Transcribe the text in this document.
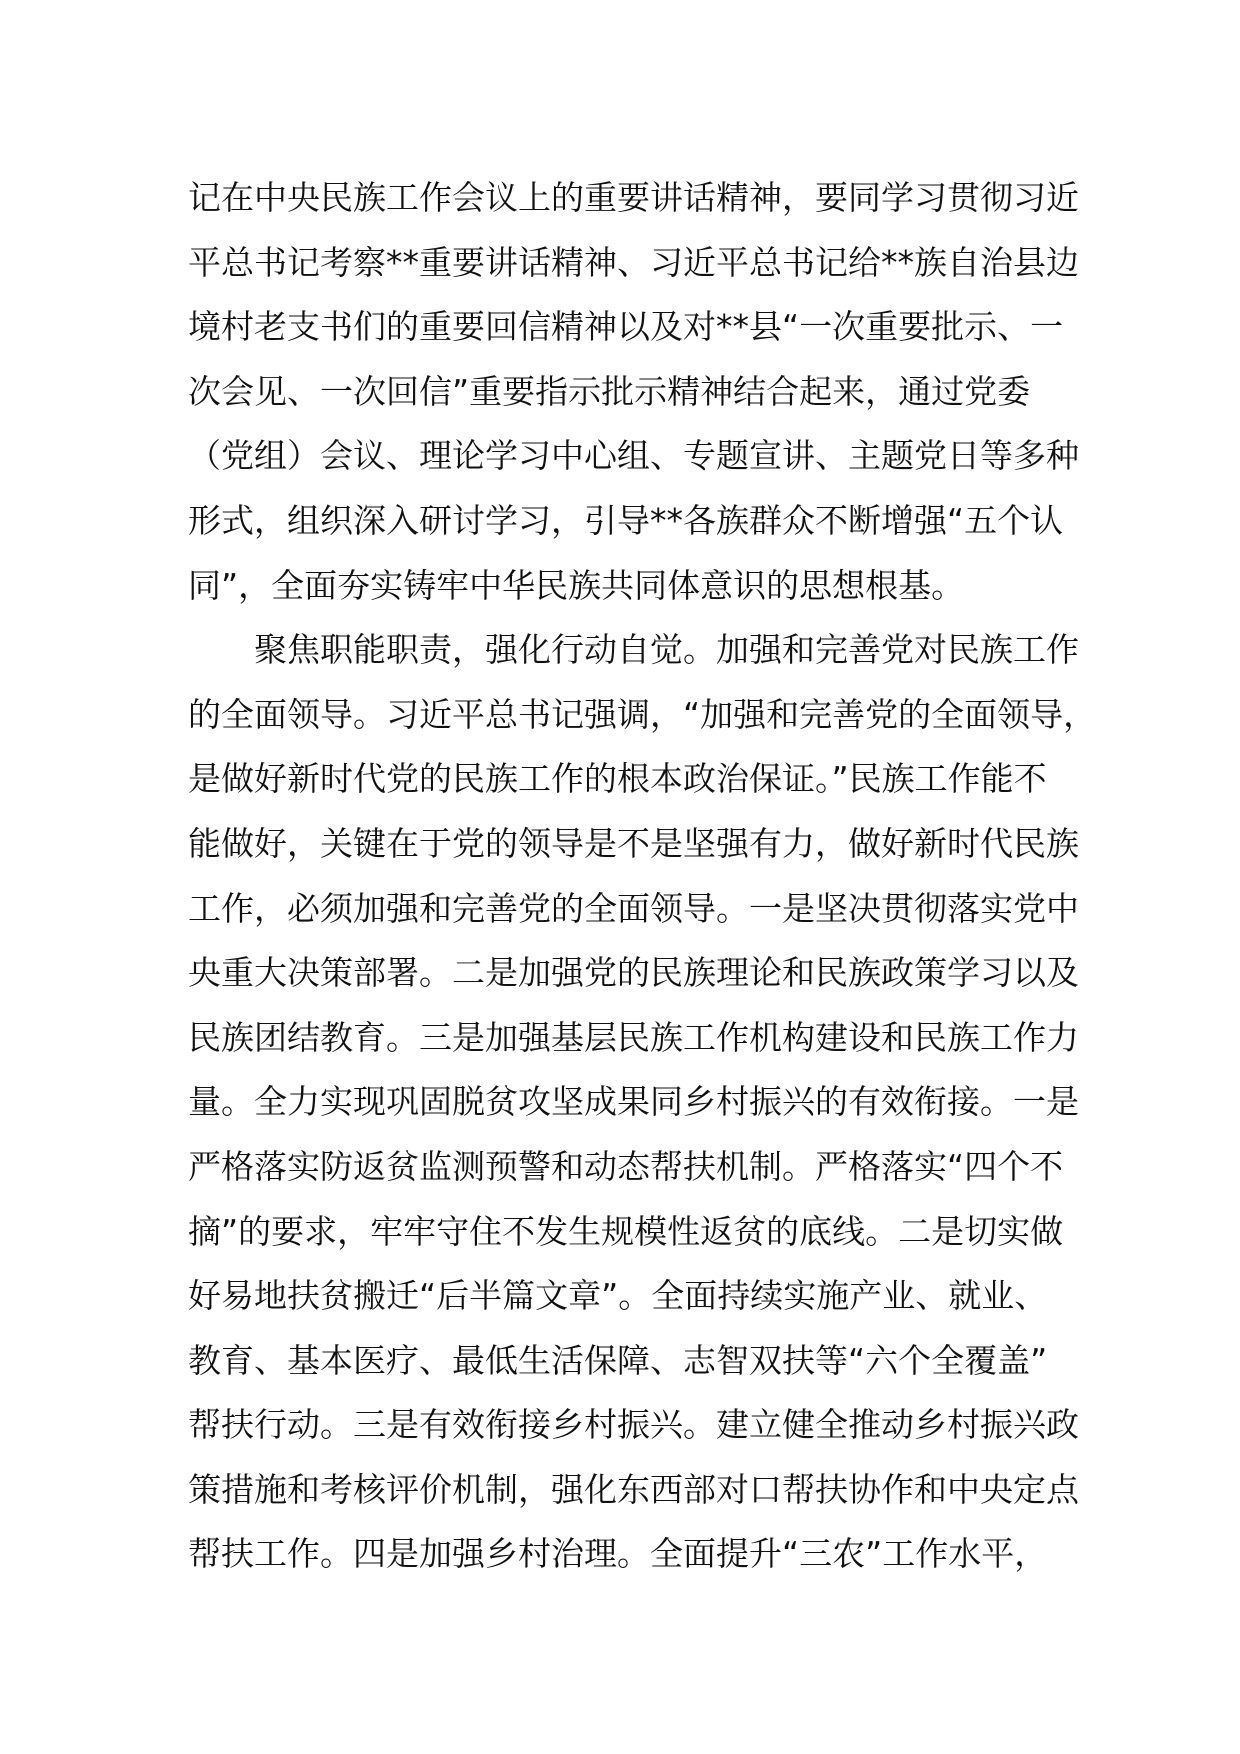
记在中央民族工作会议上的重要讲话精神，要同学习贯彻习近
平总书记考察**重要讲话精神、习近平总书记给**族自治县边
境村老支书们的重要回信精神以及对**县“一次重要批示、一
次会见、一次回信”重要指示批示精神结合起来，通过党委
（党组）会议、理论学习中心组、专题宣讲、主题党日等多种
形式，组织深入研讨学习，引导**各族群众不断增强“五个认
同”，全面夯实铸牢中华民族共同体意识的思想根基。
聚焦职能职责，强化行动自觉。加强和完善党对民族工作
的全面领导。习近平总书记强调，“加强和完善党的全面领导，
是做好新时代党的民族工作的根本政治保证。”民族工作能不
能做好，关键在于党的领导是不是坚强有力，做好新时代民族
工作，必须加强和完善党的全面领导。一是坚决贯彻落实党中
央重大决策部署。二是加强党的民族理论和民族政策学习以及
民族团结教育。三是加强基层民族工作机构建设和民族工作力
量。全力实现巩固脱贫攻坚成果同乡村振兴的有效衔接。一是
严格落实防返贫监测预警和动态帮扶机制。严格落实“四个不
摘”的要求，牢牢守住不发生规模性返贫的底线。二是切实做
好易地扶贫搬迁“后半篇文章”。全面持续实施产业、就业、
教育、基本医疗、最低生活保障、志智双扶等“六个全覆盖”
帮扶行动。三是有效衔接乡村振兴。建立健全推动乡村振兴政
策措施和考核评价机制，强化东西部对口帮扶协作和中央定点
帮扶工作。四是加强乡村治理。全面提升“三农”工作水平，
